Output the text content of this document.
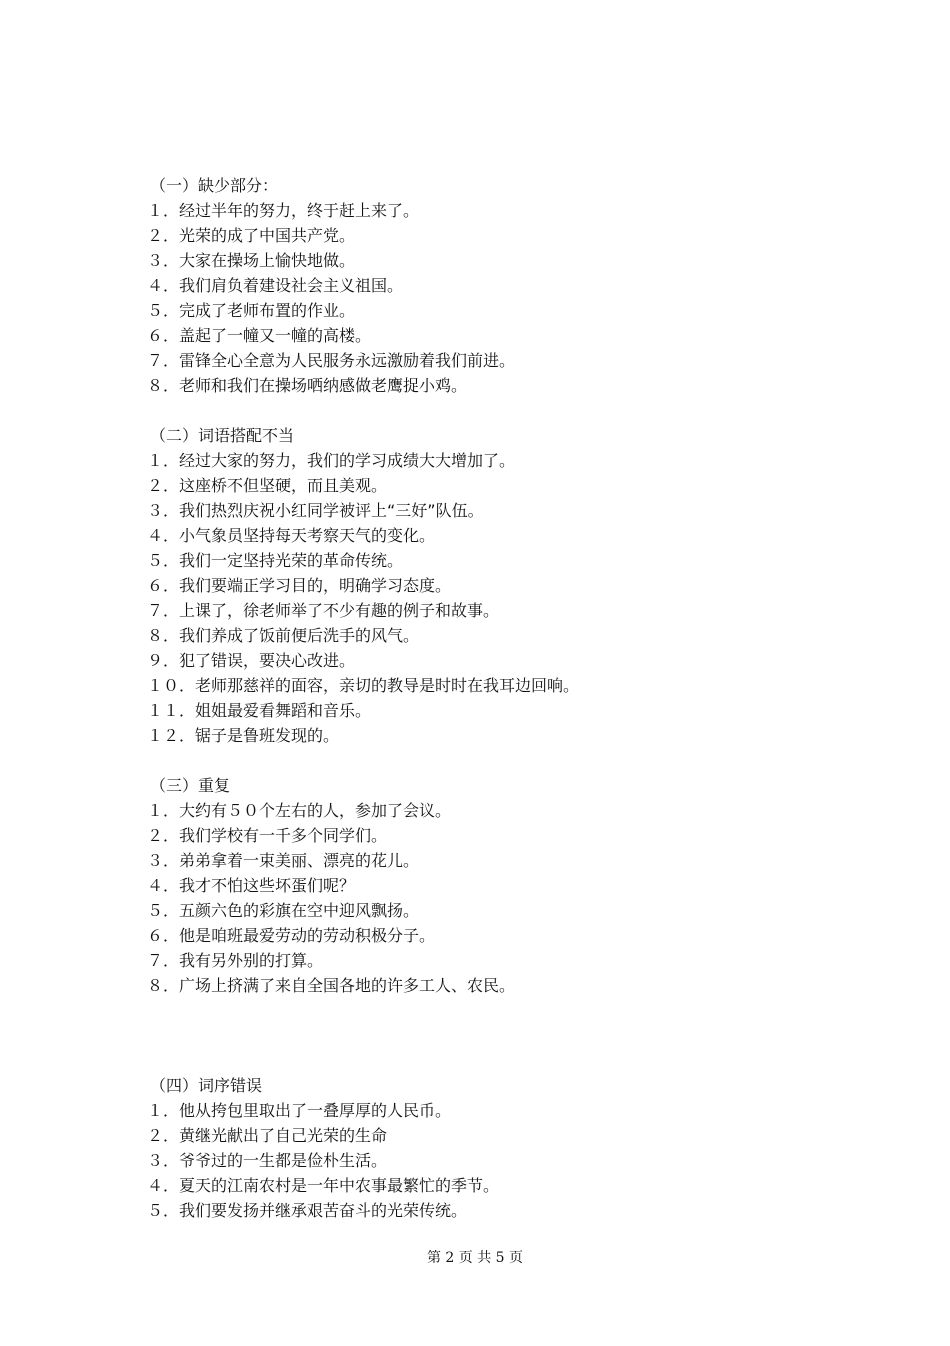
（一）缺少部分：
１．经过半年的努力，终于赶上来了。
２．光荣的成了中国共产党。
３．大家在操场上愉快地做。
４．我们肩负着建设社会主义祖国。
５．完成了老师布置的作业。
６．盖起了一幢又一幢的高楼。
７．雷锋全心全意为人民服务永远激励着我们前进。
８．老师和我们在操场哂纳感做老鹰捉小鸡。
（二）词语搭配不当
１．经过大家的努力，我们的学习成绩大大增加了。
２．这座桥不但坚硬，而且美观。
３．我们热烈庆祝小红同学被评上“三好”队伍。
４．小气象员坚持每天考察天气的变化。
５．我们一定坚持光荣的革命传统。
６．我们要端正学习目的，明确学习态度。
７．上课了，徐老师举了不少有趣的例子和故事。
８．我们养成了饭前便后洗手的风气。
９．犯了错误，要决心改进。
１０．老师那慈祥的面容，亲切的教导是时时在我耳边回响。
１１．姐姐最爱看舞蹈和音乐。
１２．锯子是鲁班发现的。
（三）重复
１．大约有５０个左右的人，参加了会议。
２．我们学校有一千多个同学们。
３．弟弟拿着一束美丽、漂亮的花儿。
４．我才不怕这些坏蛋们呢？
５．五颜六色的彩旗在空中迎风飘扬。
６．他是咱班最爱劳动的劳动积极分子。
７．我有另外别的打算。
８．广场上挤满了来自全国各地的许多工人、农民。
（四）词序错误
１．他从挎包里取出了一叠厚厚的人民币。
２．黄继光献出了自己光荣的生命
３．爷爷过的一生都是俭朴生活。
４．夏天的江南农村是一年中农事最繁忙的季节。
５．我们要发扬并继承艰苦奋斗的光荣传统。
第 2 页 共 5 页
